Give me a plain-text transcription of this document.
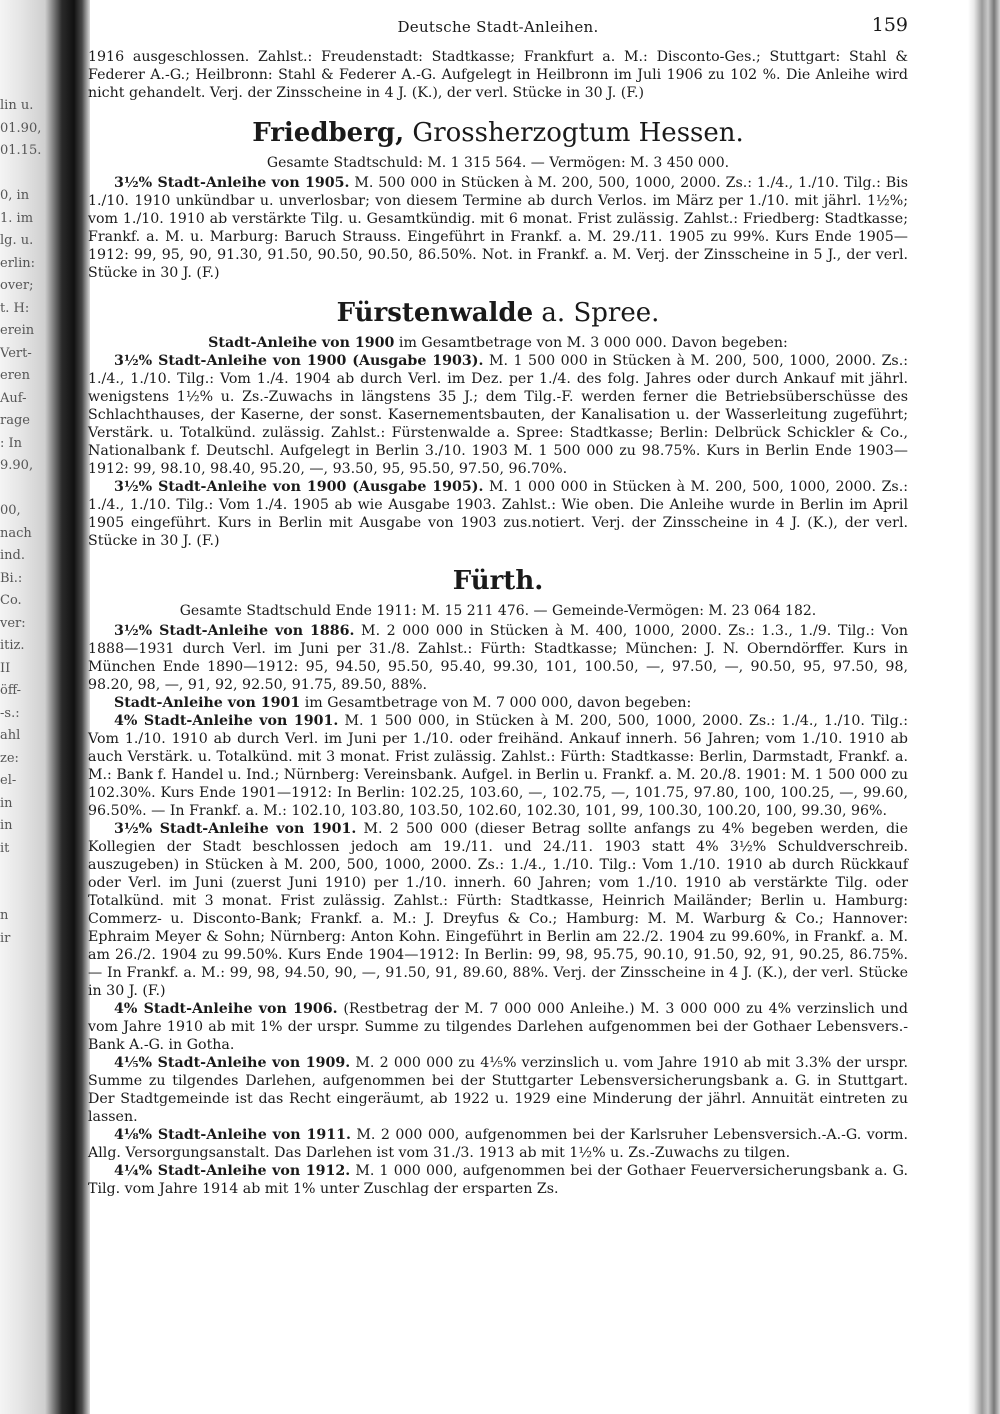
lin u.
01.90,
01.15.

0, in
1. im
lg. u.
erlin:
over;
t. H:
erein
Vert-
eren
Auf-
rage
: In
9.90,

00,
nach
ind.
Bi.:
Co.
ver:
itiz.
II
öff-
-s.:
ahl
ze:
el-
in
in
it

n
ir
Deutsche Stadt-Anleihen.	159

1916 ausgeschlossen. Zahlst.: Freudenstadt: Stadtkasse; Frankfurt a. M.: Disconto-Ges.; Stuttgart: Stahl & Federer A.-G.; Heilbronn: Stahl & Federer A.-G. Aufgelegt in Heilbronn im Juli 1906 zu 102 %. Die Anleihe wird nicht gehandelt. Verj. der Zinsscheine in 4 J. (K.), der verl. Stücke in 30 J. (F.)

Friedberg, Grossherzogtum Hessen.
Gesamte Stadtschuld: M. 1 315 564. — Vermögen: M. 3 450 000.

3½% Stadt-Anleihe von 1905. M. 500 000 in Stücken à M. 200, 500, 1000, 2000. Zs.: 1./4., 1./10. Tilg.: Bis 1./10. 1910 unkündbar u. unverlosbar; von diesem Termine ab durch Verlos. im März per 1./10. mit jährl. 1½%; vom 1./10. 1910 ab verstärkte Tilg. u. Gesamtkündig. mit 6 monat. Frist zulässig. Zahlst.: Friedberg: Stadtkasse; Frankf. a. M. u. Marburg: Baruch Strauss. Eingeführt in Frankf. a. M. 29./11. 1905 zu 99%. Kurs Ende 1905—1912: 99, 95, 90, 91.30, 91.50, 90.50, 90.50, 86.50%. Not. in Frankf. a. M. Verj. der Zinsscheine in 5 J., der verl. Stücke in 30 J. (F.)

Fürstenwalde a. Spree.

Stadt-Anleihe von 1900 im Gesamtbetrage von M. 3 000 000. Davon begeben:

3½% Stadt-Anleihe von 1900 (Ausgabe 1903). M. 1 500 000 in Stücken à M. 200, 500, 1000, 2000. Zs.: 1./4., 1./10. Tilg.: Vom 1./4. 1904 ab durch Verl. im Dez. per 1./4. des folg. Jahres oder durch Ankauf mit jährl. wenigstens 1½% u. Zs.-Zuwachs in längstens 35 J.; dem Tilg.-F. werden ferner die Betriebsüberschüsse des Schlachthauses, der Kaserne, der sonst. Kasernementsbauten, der Kanalisation u. der Wasserleitung zugeführt; Verstärk. u. Totalkünd. zulässig. Zahlst.: Fürstenwalde a. Spree: Stadtkasse; Berlin: Delbrück Schickler & Co., Nationalbank f. Deutschl. Aufgelegt in Berlin 3./10. 1903 M. 1 500 000 zu 98.75%. Kurs in Berlin Ende 1903—1912: 99, 98.10, 98.40, 95.20, —, 93.50, 95, 95.50, 97.50, 96.70%.

3½% Stadt-Anleihe von 1900 (Ausgabe 1905). M. 1 000 000 in Stücken à M. 200, 500, 1000, 2000. Zs.: 1./4., 1./10. Tilg.: Vom 1./4. 1905 ab wie Ausgabe 1903. Zahlst.: Wie oben. Die Anleihe wurde in Berlin im April 1905 eingeführt. Kurs in Berlin mit Ausgabe von 1903 zus.notiert. Verj. der Zinsscheine in 4 J. (K.), der verl. Stücke in 30 J. (F.)

Fürth.
Gesamte Stadtschuld Ende 1911: M. 15 211 476. — Gemeinde-Vermögen: M. 23 064 182.

3½% Stadt-Anleihe von 1886. M. 2 000 000 in Stücken à M. 400, 1000, 2000. Zs.: 1.3., 1./9. Tilg.: Von 1888—1931 durch Verl. im Juni per 31./8. Zahlst.: Fürth: Stadtkasse; München: J. N. Oberndörffer. Kurs in München Ende 1890—1912: 95, 94.50, 95.50, 95.40, 99.30, 101, 100.50, —, 97.50, —, 90.50, 95, 97.50, 98, 98.20, 98, —, 91, 92, 92.50, 91.75, 89.50, 88%.

Stadt-Anleihe von 1901 im Gesamtbetrage von M. 7 000 000, davon begeben:

4% Stadt-Anleihe von 1901. M. 1 500 000, in Stücken à M. 200, 500, 1000, 2000. Zs.: 1./4., 1./10. Tilg.: Vom 1./10. 1910 ab durch Verl. im Juni per 1./10. oder freihänd. Ankauf innerh. 56 Jahren; vom 1./10. 1910 ab auch Verstärk. u. Totalkünd. mit 3 monat. Frist zulässig. Zahlst.: Fürth: Stadtkasse: Berlin, Darmstadt, Frankf. a. M.: Bank f. Handel u. Ind.; Nürnberg: Vereinsbank. Aufgel. in Berlin u. Frankf. a. M. 20./8. 1901: M. 1 500 000 zu 102.30%. Kurs Ende 1901—1912: In Berlin: 102.25, 103.60, —, 102.75, —, 101.75, 97.80, 100, 100.25, —, 99.60, 96.50%. — In Frankf. a. M.: 102.10, 103.80, 103.50, 102.60, 102.30, 101, 99, 100.30, 100.20, 100, 99.30, 96%.

3½% Stadt-Anleihe von 1901. M. 2 500 000 (dieser Betrag sollte anfangs zu 4% begeben werden, die Kollegien der Stadt beschlossen jedoch am 19./11. und 24./11. 1903 statt 4% 3½% Schuldverschreib. auszugeben) in Stücken à M. 200, 500, 1000, 2000. Zs.: 1./4., 1./10. Tilg.: Vom 1./10. 1910 ab durch Rückkauf oder Verl. im Juni (zuerst Juni 1910) per 1./10. innerh. 60 Jahren; vom 1./10. 1910 ab verstärkte Tilg. oder Totalkünd. mit 3 monat. Frist zulässig. Zahlst.: Fürth: Stadtkasse, Heinrich Mailänder; Berlin u. Hamburg: Commerz- u. Disconto-Bank; Frankf. a. M.: J. Dreyfus & Co.; Hamburg: M. M. Warburg & Co.; Hannover: Ephraim Meyer & Sohn; Nürnberg: Anton Kohn. Eingeführt in Berlin am 22./2. 1904 zu 99.60%, in Frankf. a. M. am 26./2. 1904 zu 99.50%. Kurs Ende 1904—1912: In Berlin: 99, 98, 95.75, 90.10, 91.50, 92, 91, 90.25, 86.75%. — In Frankf. a. M.: 99, 98, 94.50, 90, —, 91.50, 91, 89.60, 88%. Verj. der Zinsscheine in 4 J. (K.), der verl. Stücke in 30 J. (F.)

4% Stadt-Anleihe von 1906. (Restbetrag der M. 7 000 000 Anleihe.) M. 3 000 000 zu 4% verzinslich und vom Jahre 1910 ab mit 1% der urspr. Summe zu tilgendes Darlehen aufgenommen bei der Gothaer Lebensvers.-Bank A.-G. in Gotha.

4⅕% Stadt-Anleihe von 1909. M. 2 000 000 zu 4⅕% verzinslich u. vom Jahre 1910 ab mit 3.3% der urspr. Summe zu tilgendes Darlehen, aufgenommen bei der Stuttgarter Lebensversicherungsbank a. G. in Stuttgart. Der Stadtgemeinde ist das Recht eingeräumt, ab 1922 u. 1929 eine Minderung der jährl. Annuität eintreten zu lassen.

4⅛% Stadt-Anleihe von 1911. M. 2 000 000, aufgenommen bei der Karlsruher Lebensversich.-A.-G. vorm. Allg. Versorgungsanstalt. Das Darlehen ist vom 31./3. 1913 ab mit 1½% u. Zs.-Zuwachs zu tilgen.

4¼% Stadt-Anleihe von 1912. M. 1 000 000, aufgenommen bei der Gothaer Feuerversicherungsbank a. G. Tilg. vom Jahre 1914 ab mit 1% unter Zuschlag der ersparten Zs.
